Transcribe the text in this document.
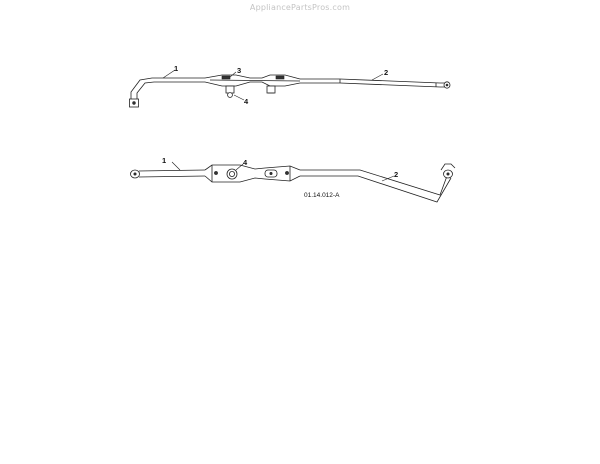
AppliancePartsPros.com
1	3	2
4
1	4
2
01.14.012-A
